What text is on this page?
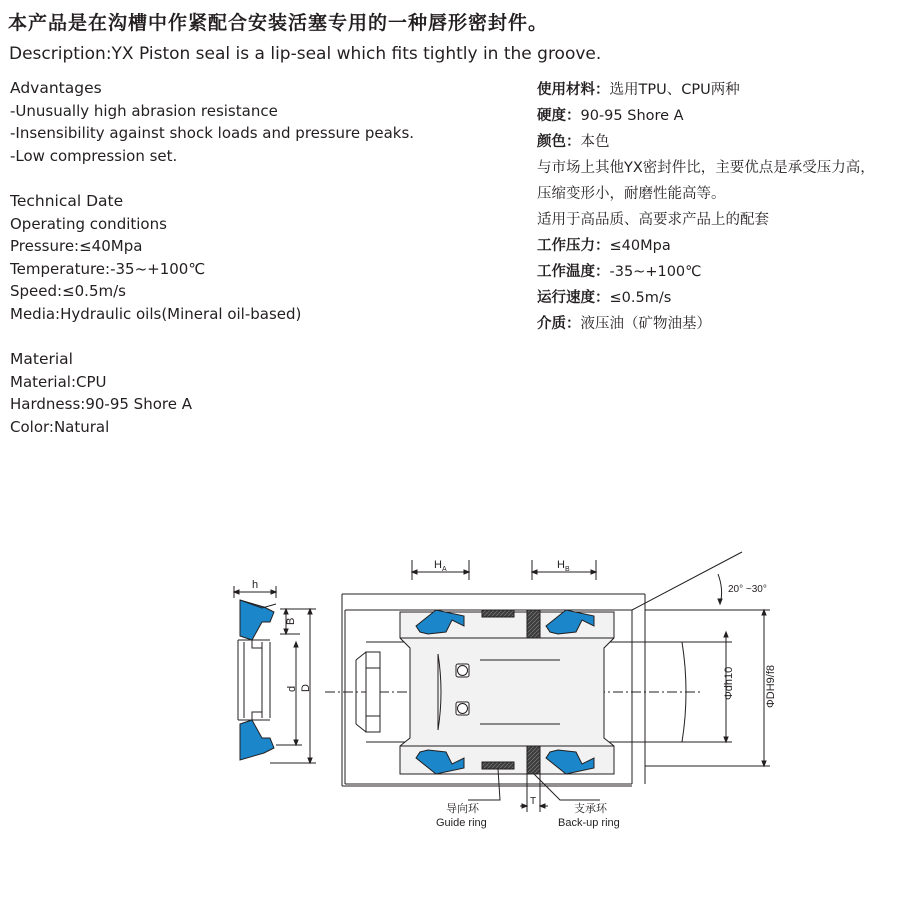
本产品是在沟槽中作紧配合安装活塞专用的一种唇形密封件。
Description:YX Piston seal is a lip-seal which fits tightly in the groove.
Advantages
-Unusually high abrasion resistance
-Insensibility against shock loads and pressure peaks.
-Low compression set.
Technical Date
Operating conditions
Pressure:≤40Mpa
Temperature:-35~+100℃
Speed:≤0.5m/s
Media:Hydraulic oils(Mineral oil-based)
Material
Material:CPU
Hardness:90-95 Shore A
Color:Natural
使用材料：选用TPU、CPU两种
硬度：90-95 Shore A
颜色：本色
与市场上其他YX密封件比，主要优点是承受压力高，
压缩变形小，耐磨性能高等。
适用于高品质、高要求产品上的配套
工作压力：≤40Mpa
工作温度：-35~+100℃
运行速度：≤0.5m/s
介质：液压油（矿物油基）
h
B
d D
$H_A$	$H_B$
20° ~30°
Φdh10	ΦDH9/f8
T
导向环
Guide ring
支承环
Back-up ring
